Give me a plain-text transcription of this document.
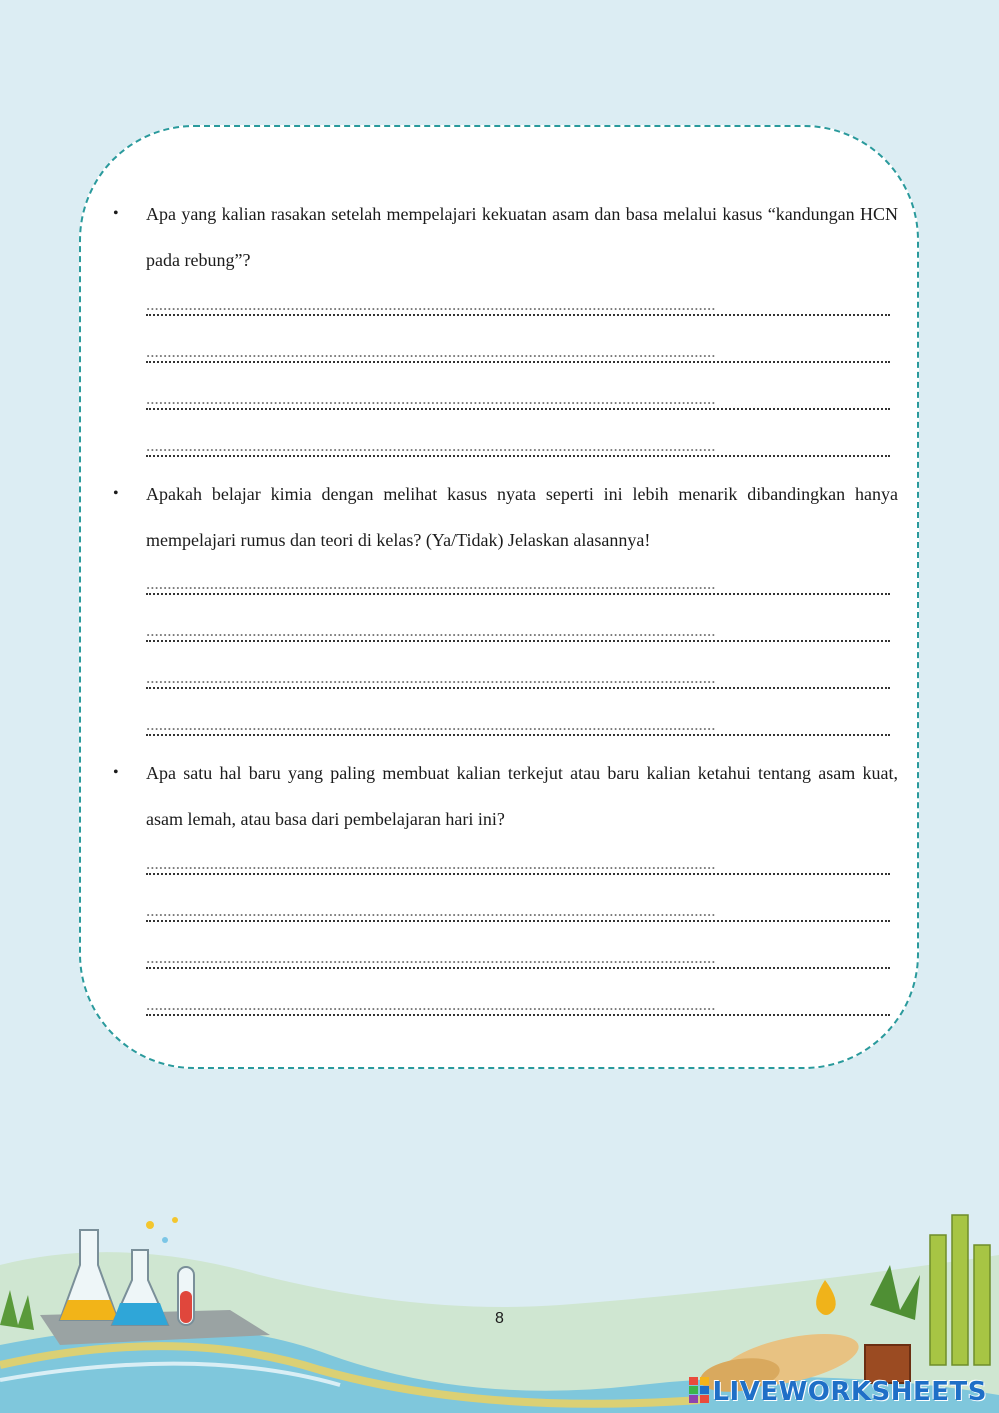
• Apa yang kalian rasakan setelah mempelajari kekuatan asam dan basa melalui kasus “kandungan HCN pada rebung”?
......................................................................................................................................
......................................................................................................................................
......................................................................................................................................
......................................................................................................................................
• Apakah belajar kimia dengan melihat kasus nyata seperti ini lebih menarik dibandingkan hanya mempelajari rumus dan teori di kelas? (Ya/Tidak) Jelaskan alasannya!
......................................................................................................................................
......................................................................................................................................
......................................................................................................................................
......................................................................................................................................
• Apa satu hal baru yang paling membuat kalian terkejut atau baru kalian ketahui tentang asam kuat, asam lemah, atau basa dari pembelajaran hari ini?
......................................................................................................................................
......................................................................................................................................
......................................................................................................................................
......................................................................................................................................
8
LIVEWORKSHEETS
